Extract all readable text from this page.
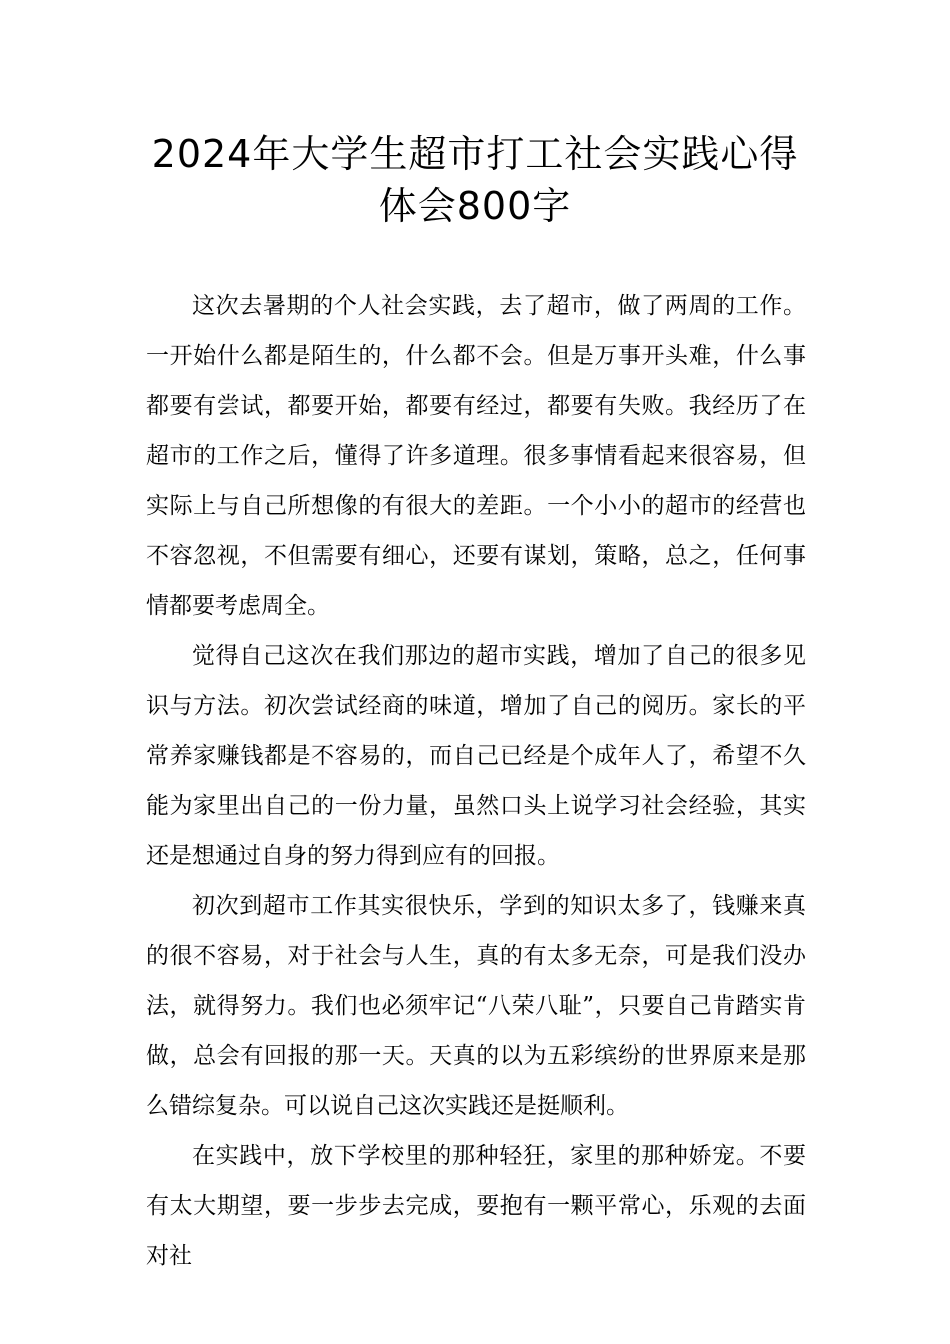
2024年大学生超市打工社会实践心得体会800字

这次去暑期的个人社会实践，去了超市，做了两周的工作。一开始什么都是陌生的，什么都不会。但是万事开头难，什么事都要有尝试，都要开始，都要有经过，都要有失败。我经历了在超市的工作之后，懂得了许多道理。很多事情看起来很容易，但实际上与自己所想像的有很大的差距。一个小小的超市的经营也不容忽视，不但需要有细心，还要有谋划，策略，总之，任何事情都要考虑周全。

觉得自己这次在我们那边的超市实践，增加了自己的很多见识与方法。初次尝试经商的味道，增加了自己的阅历。家长的平常养家赚钱都是不容易的，而自己已经是个成年人了，希望不久能为家里出自己的一份力量，虽然口头上说学习社会经验，其实还是想通过自身的努力得到应有的回报。

初次到超市工作其实很快乐，学到的知识太多了，钱赚来真的很不容易，对于社会与人生，真的有太多无奈，可是我们没办法，就得努力。我们也必须牢记“八荣八耻”，只要自己肯踏实肯做，总会有回报的那一天。天真的以为五彩缤纷的世界原来是那么错综复杂。可以说自己这次实践还是挺顺利。

在实践中，放下学校里的那种轻狂，家里的那种娇宠。不要有太大期望，要一步步去完成，要抱有一颗平常心，乐观的去面对社
